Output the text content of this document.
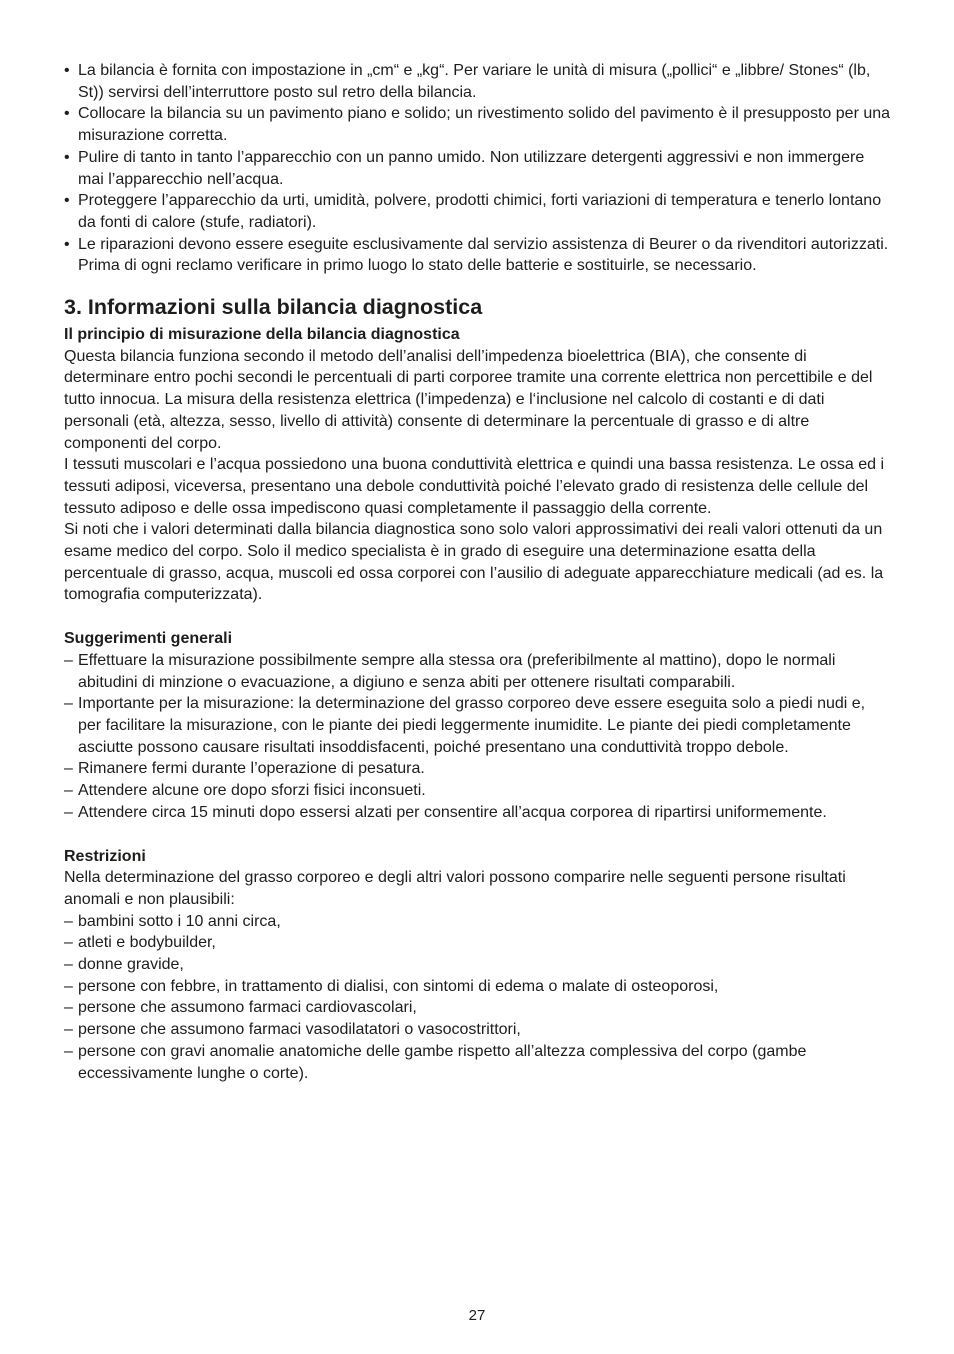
• La bilancia è fornita con impostazione in „cm“ e „kg“. Per variare le unità di misura („pollici“ e „libbre/ Stones“ (lb, St)) servirsi dell’interruttore posto sul retro della bilancia.
• Collocare la bilancia su un pavimento piano e solido; un rivestimento solido del pavimento è il presupposto per una misurazione corretta.
• Pulire di tanto in tanto l’apparecchio con un panno umido. Non utilizzare detergenti aggressivi e non immergere mai l’apparecchio nell’acqua.
• Proteggere l’apparecchio da urti, umidità, polvere, prodotti chimici, forti variazioni di temperatura e tenerlo lontano da fonti di calore (stufe, radiatori).
• Le riparazioni devono essere eseguite esclusivamente dal servizio assistenza di Beurer o da rivenditori autorizzati. Prima di ogni reclamo verificare in primo luogo lo stato delle batterie e sostituirle, se necessario.
3. Informazioni sulla bilancia diagnostica
Il principio di misurazione della bilancia diagnostica

Questa bilancia funziona secondo il metodo dell’analisi dell’impedenza bioelettrica (BIA), che consente di determinare entro pochi secondi le percentuali di parti corporee tramite una corrente elettrica non percettibile e del tutto innocua. La misura della resistenza elettrica (l’impedenza) e l‘inclusione nel calcolo di costanti e di dati personali (età, altezza, sesso, livello di attività) consente di determinare la percentuale di grasso e di altre componenti del corpo.

I tessuti muscolari e l’acqua possiedono una buona conduttività elettrica e quindi una bassa resistenza. Le ossa ed i tessuti adiposi, viceversa, presentano una debole conduttività poiché l’elevato grado di resistenza delle cellule del tessuto adiposo e delle ossa impediscono quasi completamente il passaggio della corrente.

Si noti che i valori determinati dalla bilancia diagnostica sono solo valori approssimativi dei reali valori ottenuti da un esame medico del corpo. Solo il medico specialista è in grado di eseguire una determinazione esatta della percentuale di grasso, acqua, muscoli ed ossa corporei con l’ausilio di adeguate apparecchiature medicali (ad es. la tomografia computerizzata).

Suggerimenti generali
– Effettuare la misurazione possibilmente sempre alla stessa ora (preferibilmente al mattino), dopo le normali abitudini di minzione o evacuazione, a digiuno e senza abiti per ottenere risultati comparabili.
– Importante per la misurazione: la determinazione del grasso corporeo deve essere eseguita solo a piedi nudi e, per facilitare la misurazione, con le piante dei piedi leggermente inumidite. Le piante dei piedi completamente asciutte possono causare risultati insoddisfacenti, poiché presentano una conduttività troppo debole.
– Rimanere fermi durante l’operazione di pesatura.
– Attendere alcune ore dopo sforzi fisici inconsueti.
– Attendere circa 15 minuti dopo essersi alzati per consentire all’acqua corporea di ripartirsi uniformemente.
Restrizioni

Nella determinazione del grasso corporeo e degli altri valori possono comparire nelle seguenti persone risultati anomali e non plausibili:

– bambini sotto i 10 anni circa,
– atleti e bodybuilder,
– donne gravide,
– persone con febbre, in trattamento di dialisi, con sintomi di edema o malate di osteoporosi,
– persone che assumono farmaci cardiovascolari,
– persone che assumono farmaci vasodilatatori o vasocostrittori,
– persone con gravi anomalie anatomiche delle gambe rispetto all’altezza complessiva del corpo (gambe eccessivamente lunghe o corte).
27
